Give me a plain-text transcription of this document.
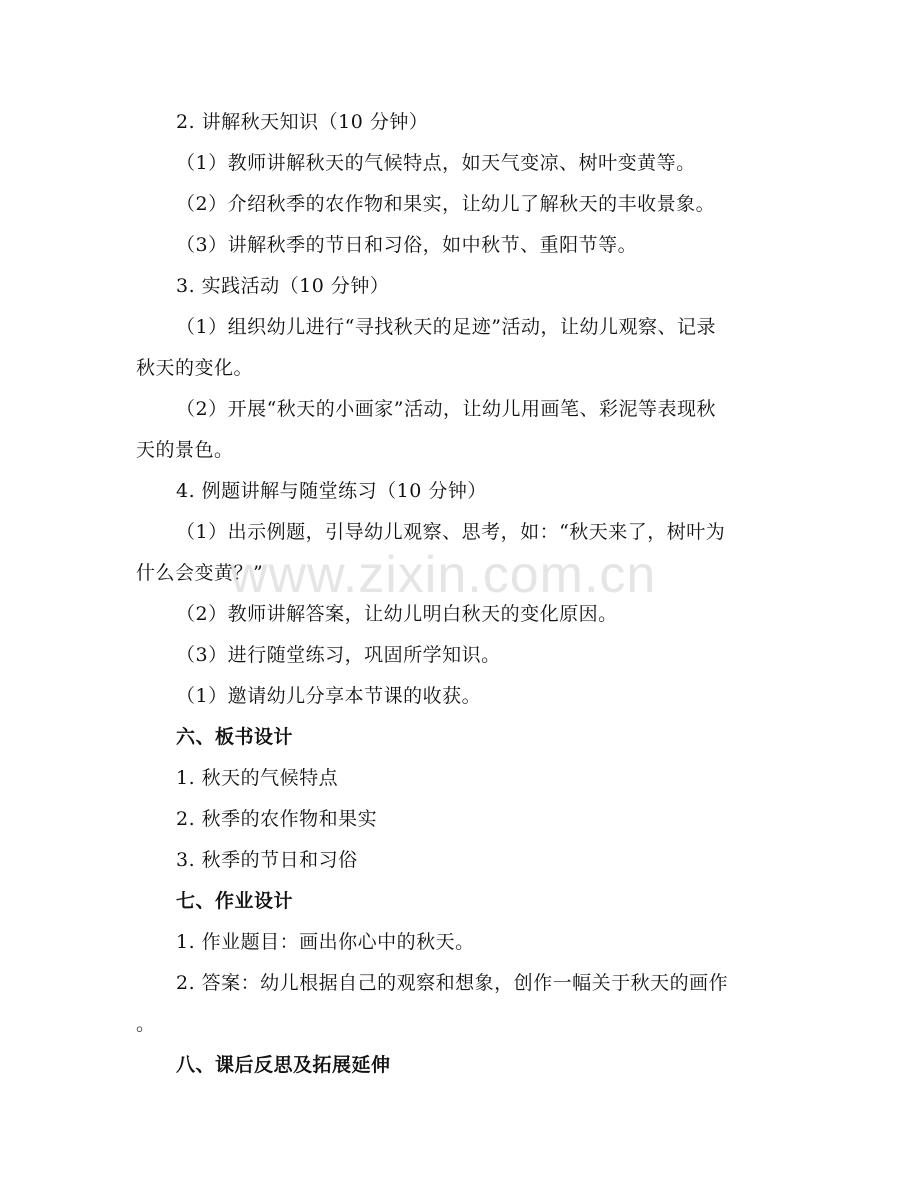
2. 讲解秋天知识（10 分钟）
（1）教师讲解秋天的气候特点，如天气变凉、树叶变黄等。
（2）介绍秋季的农作物和果实，让幼儿了解秋天的丰收景象。
（3）讲解秋季的节日和习俗，如中秋节、重阳节等。
3. 实践活动（10 分钟）
（1）组织幼儿进行“寻找秋天的足迹”活动，让幼儿观察、记录
秋天的变化。
（2）开展“秋天的小画家”活动，让幼儿用画笔、彩泥等表现秋
天的景色。
4. 例题讲解与随堂练习（10 分钟）
（1）出示例题，引导幼儿观察、思考，如：“秋天来了，树叶为
什么会变黄？”
（2）教师讲解答案，让幼儿明白秋天的变化原因。
（3）进行随堂练习，巩固所学知识。
（1）邀请幼儿分享本节课的收获。
六、板书设计
1. 秋天的气候特点
2. 秋季的农作物和果实
3. 秋季的节日和习俗
七、作业设计
1. 作业题目：画出你心中的秋天。
2. 答案：幼儿根据自己的观察和想象，创作一幅关于秋天的画作
。
八、课后反思及拓展延伸
www.zixin.com.cn
